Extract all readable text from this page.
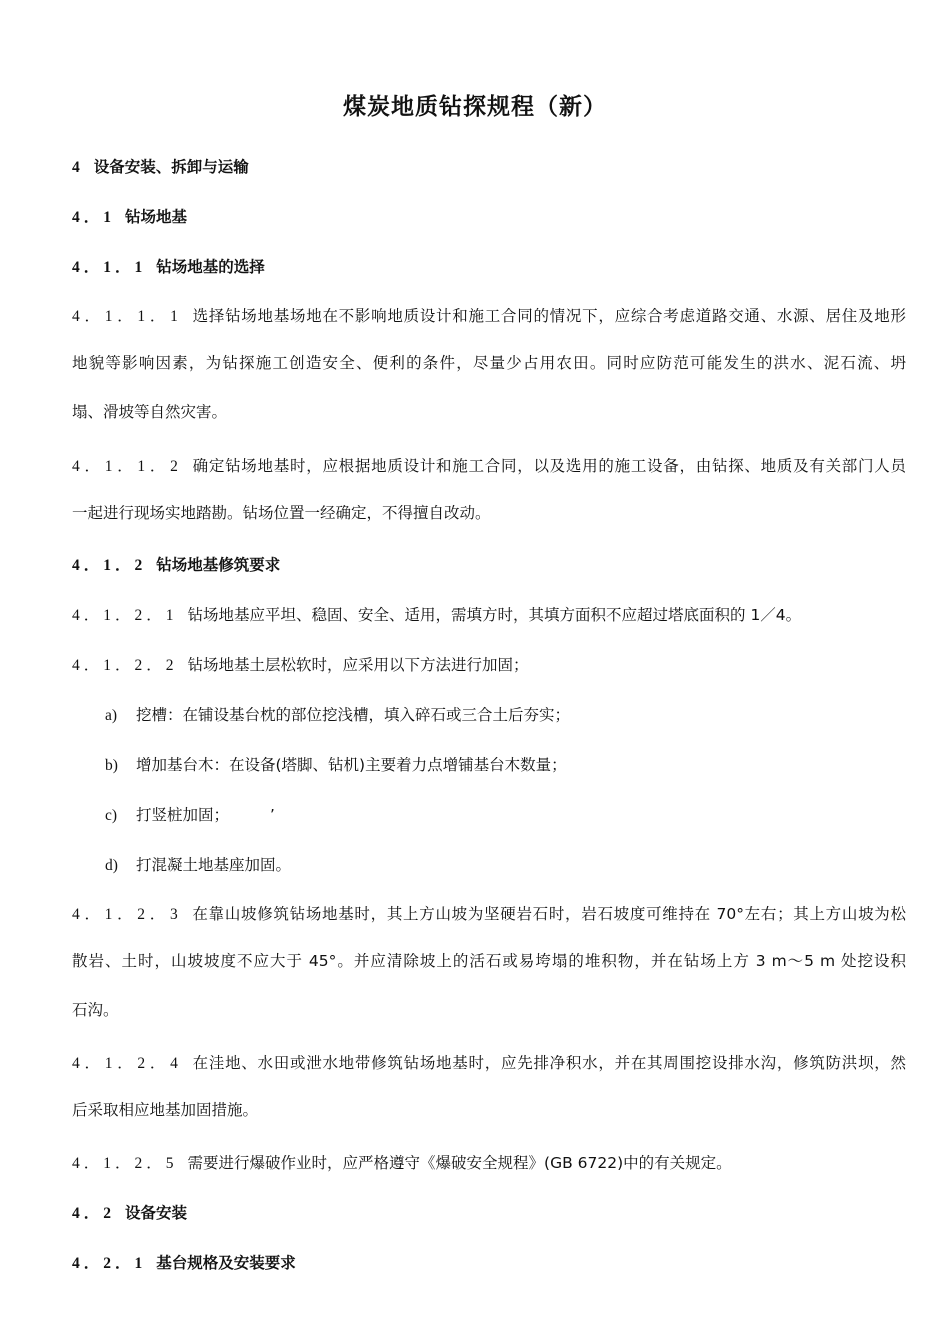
煤炭地质钻探规程（新）
4 设备安装、拆卸与运输
4．1 钻场地基
4．1．1 钻场地基的选择
4．1．1．1 选择钻场地基场地在不影响地质设计和施工合同的情况下，应综合考虑道路交通、水源、居住及地形
地貌等影响因素，为钻探施工创造安全、便利的条件，尽量少占用农田。同时应防范可能发生的洪水、泥石流、坍
塌、滑坡等自然灾害。
4．1．1．2 确定钻场地基时，应根据地质设计和施工合同，以及选用的施工设备，由钻探、地质及有关部门人员
一起进行现场实地踏勘。钻场位置一经确定，不得擅自改动。
4．1．2 钻场地基修筑要求
4．1．2．1 钻场地基应平坦、稳固、安全、适用，需填方时，其填方面积不应超过塔底面积的 1／4。
4．1．2．2 钻场地基土层松软时，应采用以下方法进行加固；
a) 挖槽：在铺设基台枕的部位挖浅槽，填入碎石或三合土后夯实；
b) 增加基台木：在设备(塔脚、钻机)主要着力点增铺基台木数量；
c) 打竖桩加固；	’
d) 打混凝土地基座加固。
4．1．2．3 在靠山坡修筑钻场地基时，其上方山坡为坚硬岩石时，岩石坡度可维持在 70°左右；其上方山坡为松
散岩、土时，山坡坡度不应大于 45°。并应清除坡上的活石或易垮塌的堆积物，并在钻场上方 3 m～5 m 处挖设积
石沟。
4．1．2．4 在洼地、水田或泄水地带修筑钻场地基时，应先排净积水，并在其周围挖设排水沟，修筑防洪坝，然
后采取相应地基加固措施。
4．1．2．5 需要进行爆破作业时，应严格遵守《爆破安全规程》(GB 6722)中的有关规定。
4．2 设备安装
4．2．1 基台规格及安装要求
